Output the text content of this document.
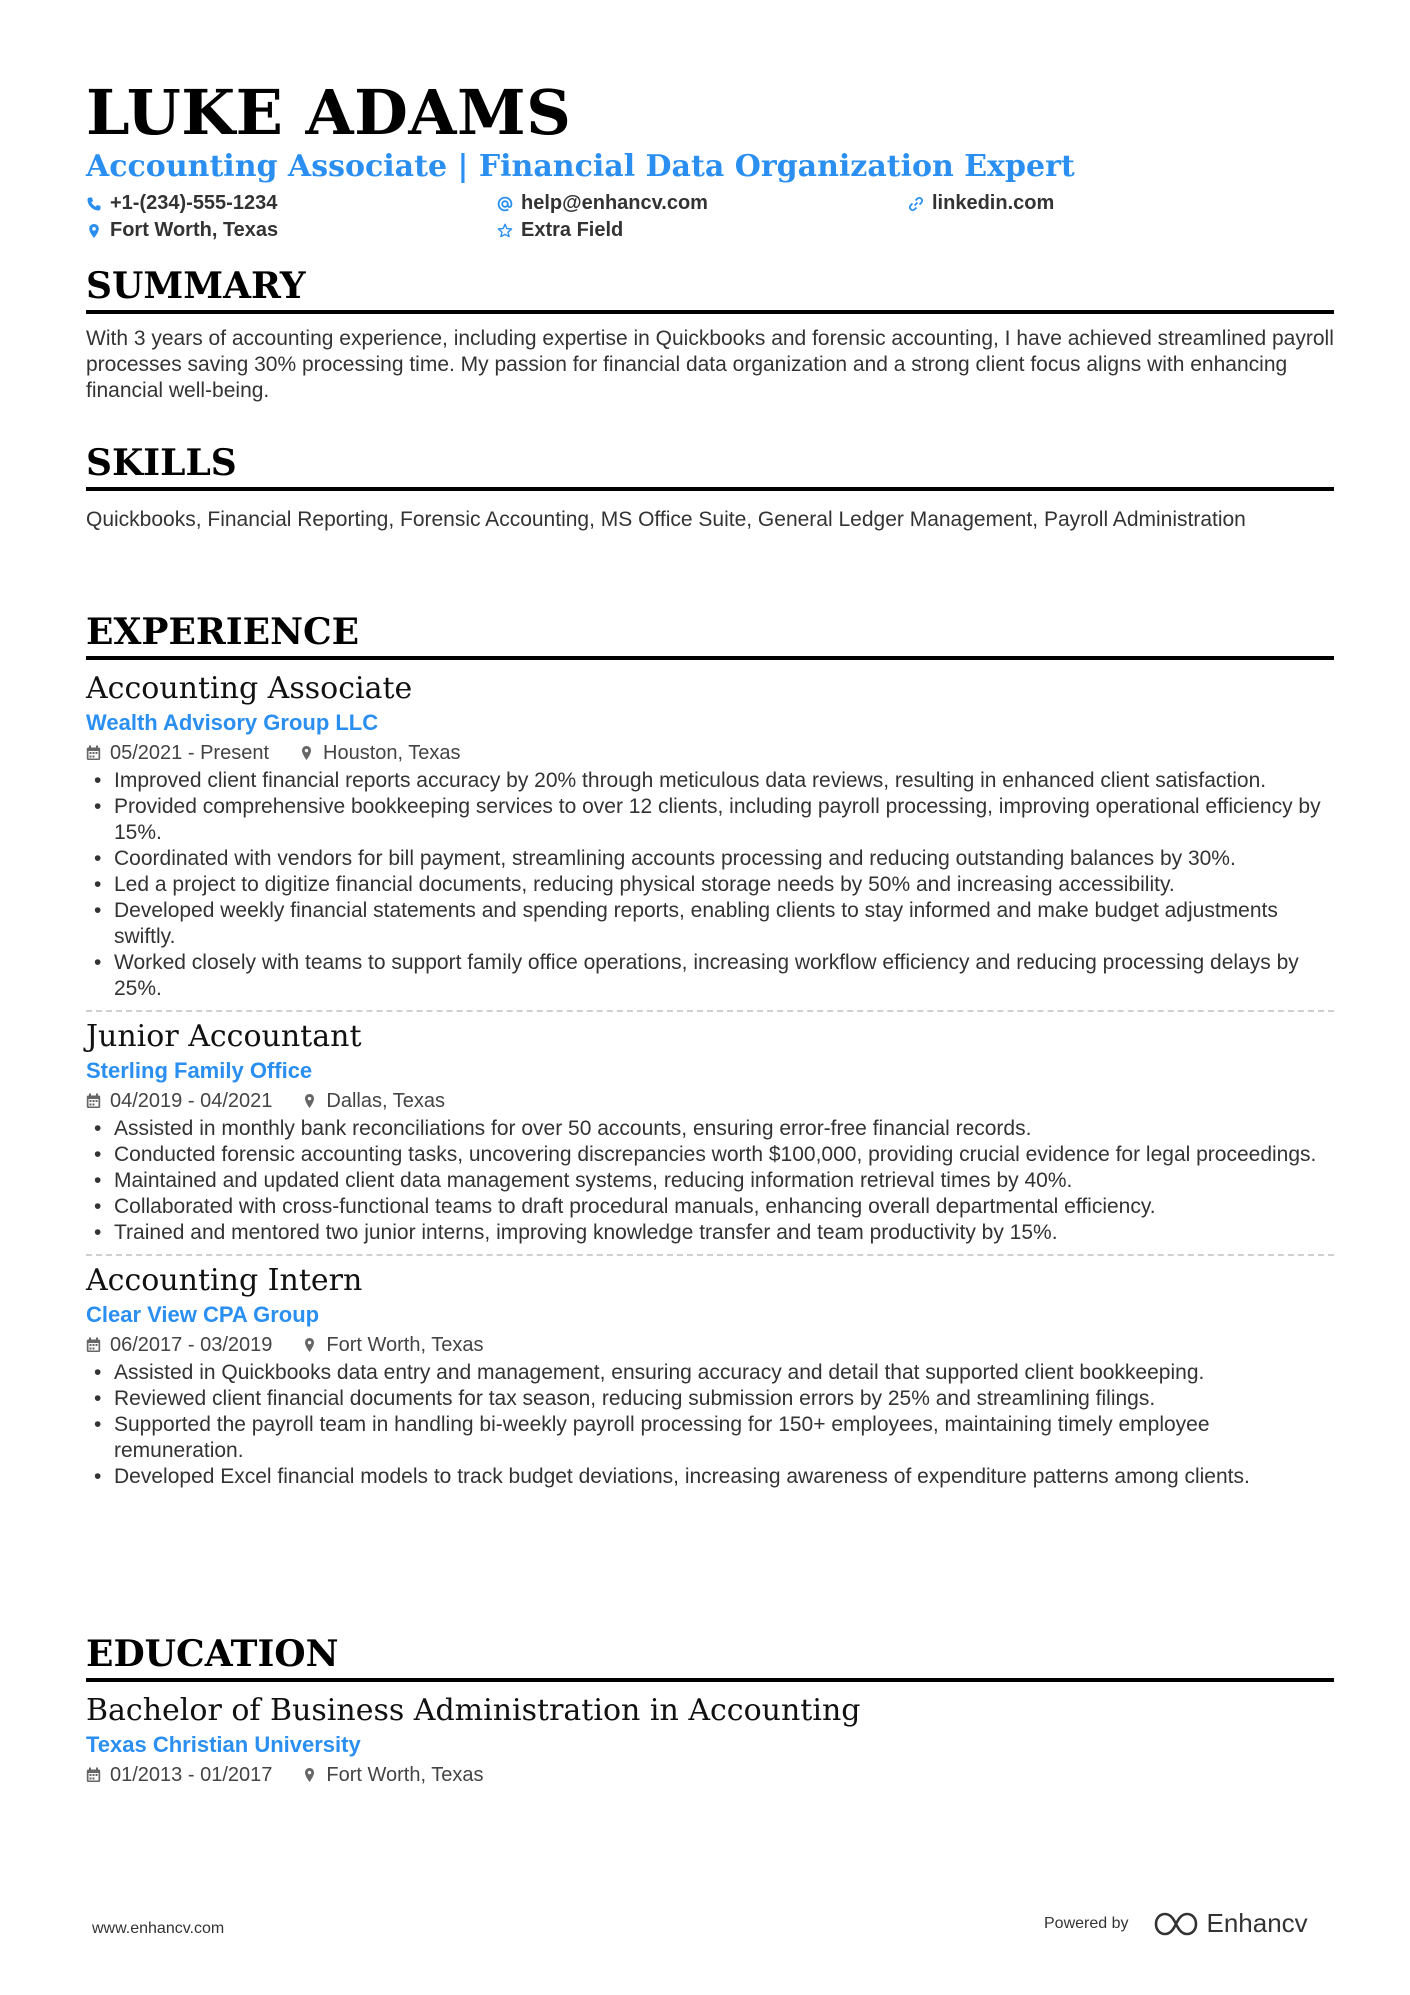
LUKE ADAMS
Accounting Associate | Financial Data Organization Expert
+1-(234)-555-1234	help@enhancv.com	linkedin.com
Fort Worth, Texas	Extra Field
SUMMARY
With 3 years of accounting experience, including expertise in Quickbooks and forensic accounting, I have achieved streamlined payroll processes saving 30% processing time. My passion for financial data organization and a strong client focus aligns with enhancing financial well-being.
SKILLS
Quickbooks, Financial Reporting, Forensic Accounting, MS Office Suite, General Ledger Management, Payroll Administration
EXPERIENCE
Accounting Associate
Wealth Advisory Group LLC
05/2021 - Present	Houston, Texas
• Improved client financial reports accuracy by 20% through meticulous data reviews, resulting in enhanced client satisfaction.
• Provided comprehensive bookkeeping services to over 12 clients, including payroll processing, improving operational efficiency by 15%.
• Coordinated with vendors for bill payment, streamlining accounts processing and reducing outstanding balances by 30%.
• Led a project to digitize financial documents, reducing physical storage needs by 50% and increasing accessibility.
• Developed weekly financial statements and spending reports, enabling clients to stay informed and make budget adjustments swiftly.
• Worked closely with teams to support family office operations, increasing workflow efficiency and reducing processing delays by 25%.
Junior Accountant
Sterling Family Office
04/2019 - 04/2021	Dallas, Texas
• Assisted in monthly bank reconciliations for over 50 accounts, ensuring error-free financial records.
• Conducted forensic accounting tasks, uncovering discrepancies worth $100,000, providing crucial evidence for legal proceedings.
• Maintained and updated client data management systems, reducing information retrieval times by 40%.
• Collaborated with cross-functional teams to draft procedural manuals, enhancing overall departmental efficiency.
• Trained and mentored two junior interns, improving knowledge transfer and team productivity by 15%.
Accounting Intern
Clear View CPA Group
06/2017 - 03/2019	Fort Worth, Texas
• Assisted in Quickbooks data entry and management, ensuring accuracy and detail that supported client bookkeeping.
• Reviewed client financial documents for tax season, reducing submission errors by 25% and streamlining filings.
• Supported the payroll team in handling bi-weekly payroll processing for 150+ employees, maintaining timely employee remuneration.
• Developed Excel financial models to track budget deviations, increasing awareness of expenditure patterns among clients.
EDUCATION
Bachelor of Business Administration in Accounting
Texas Christian University
01/2013 - 01/2017	Fort Worth, Texas
www.enhancv.com	Powered by	Enhancv
